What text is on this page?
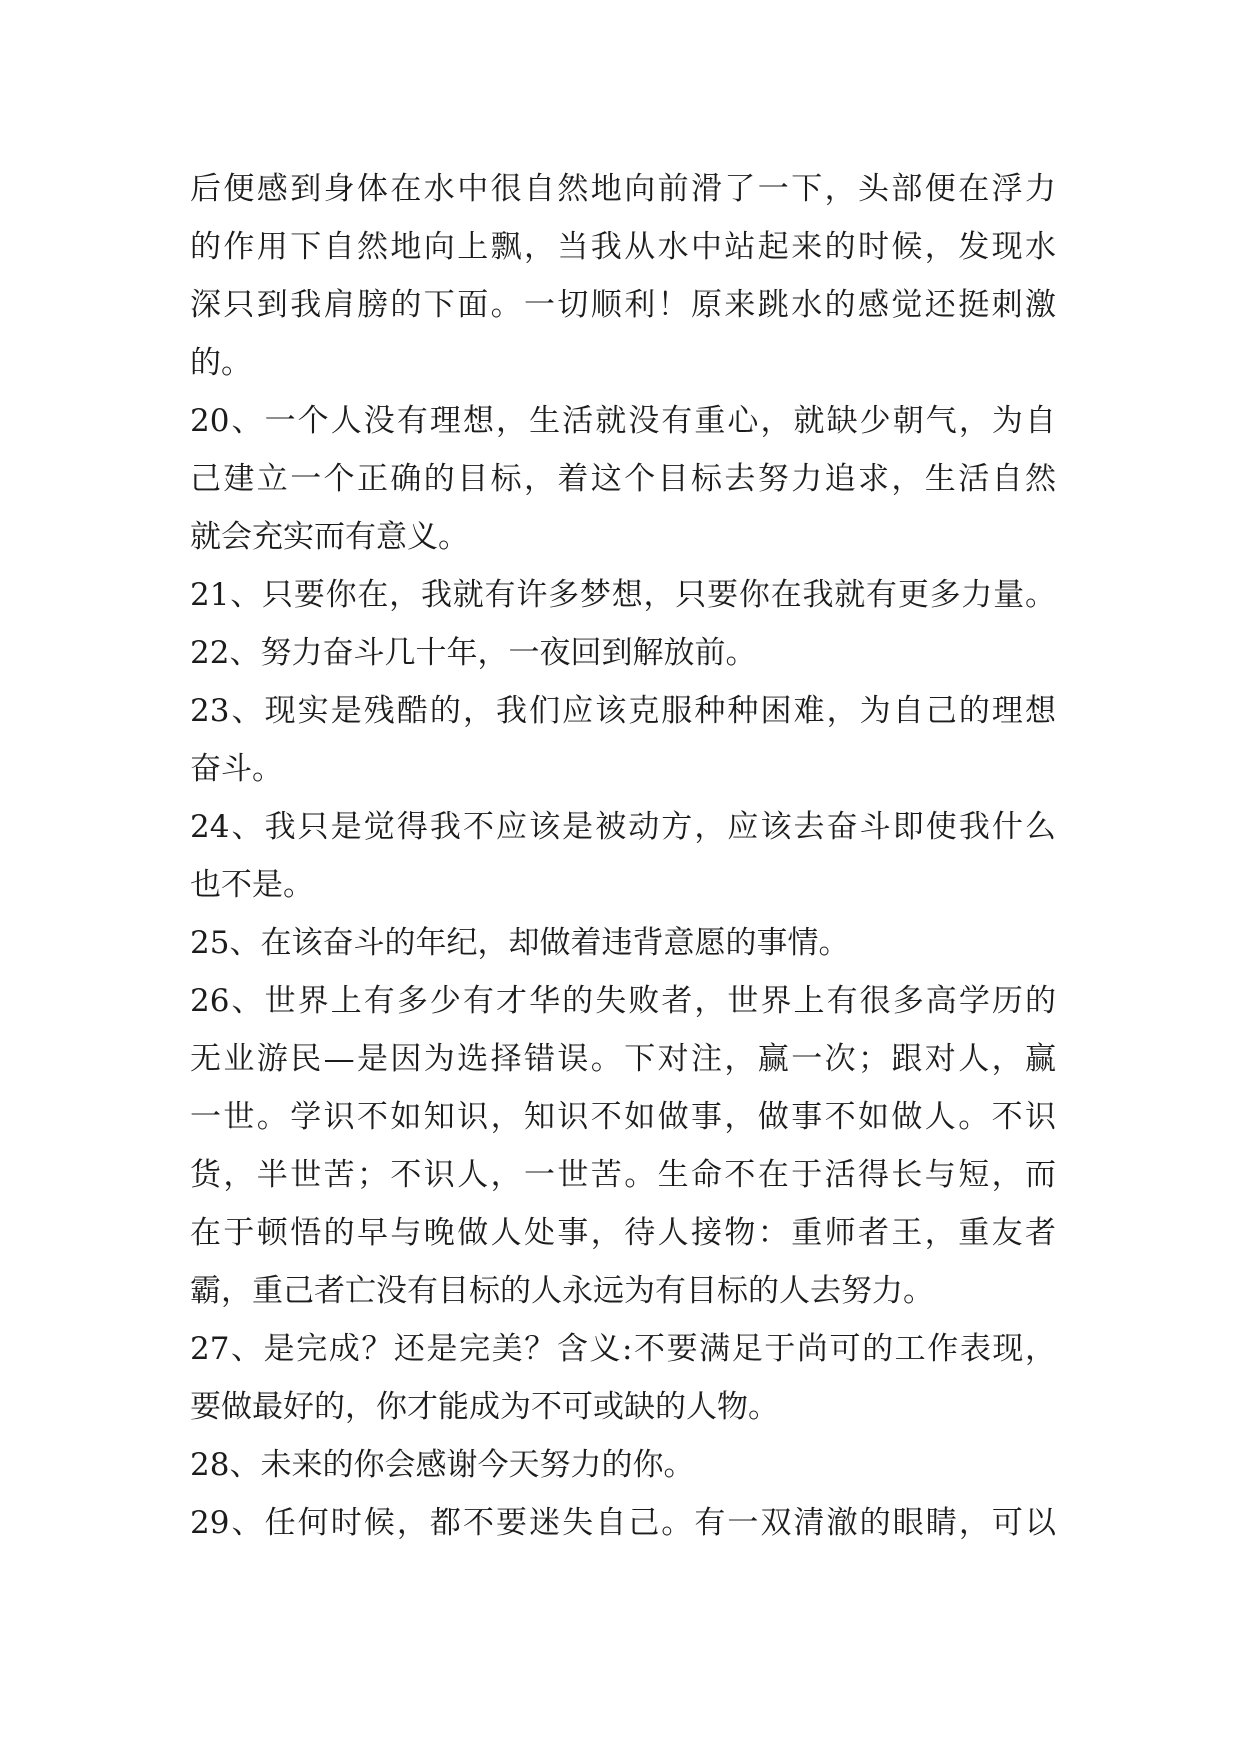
后便感到身体在水中很自然地向前滑了一下，头部便在浮力
的作用下自然地向上飘，当我从水中站起来的时候，发现水
深只到我肩膀的下面。一切顺利！原来跳水的感觉还挺刺激
的。
20、一个人没有理想，生活就没有重心，就缺少朝气，为自
己建立一个正确的目标，着这个目标去努力追求，生活自然
就会充实而有意义。
21、只要你在，我就有许多梦想，只要你在我就有更多力量。
22、努力奋斗几十年，一夜回到解放前。
23、现实是残酷的，我们应该克服种种困难，为自己的理想
奋斗。
24、我只是觉得我不应该是被动方，应该去奋斗即使我什么
也不是。
25、在该奋斗的年纪，却做着违背意愿的事情。
26、世界上有多少有才华的失败者，世界上有很多高学历的
无业游民—是因为选择错误。下对注，赢一次；跟对人，赢
一世。学识不如知识，知识不如做事，做事不如做人。不识
货，半世苦；不识人，一世苦。生命不在于活得长与短，而
在于顿悟的早与晚做人处事，待人接物：重师者王，重友者
霸，重己者亡没有目标的人永远为有目标的人去努力。
27、是完成？还是完美？含义:不要满足于尚可的工作表现，
要做最好的，你才能成为不可或缺的人物。
28、未来的你会感谢今天努力的你。
29、任何时候，都不要迷失自己。有一双清澈的眼睛，可以
